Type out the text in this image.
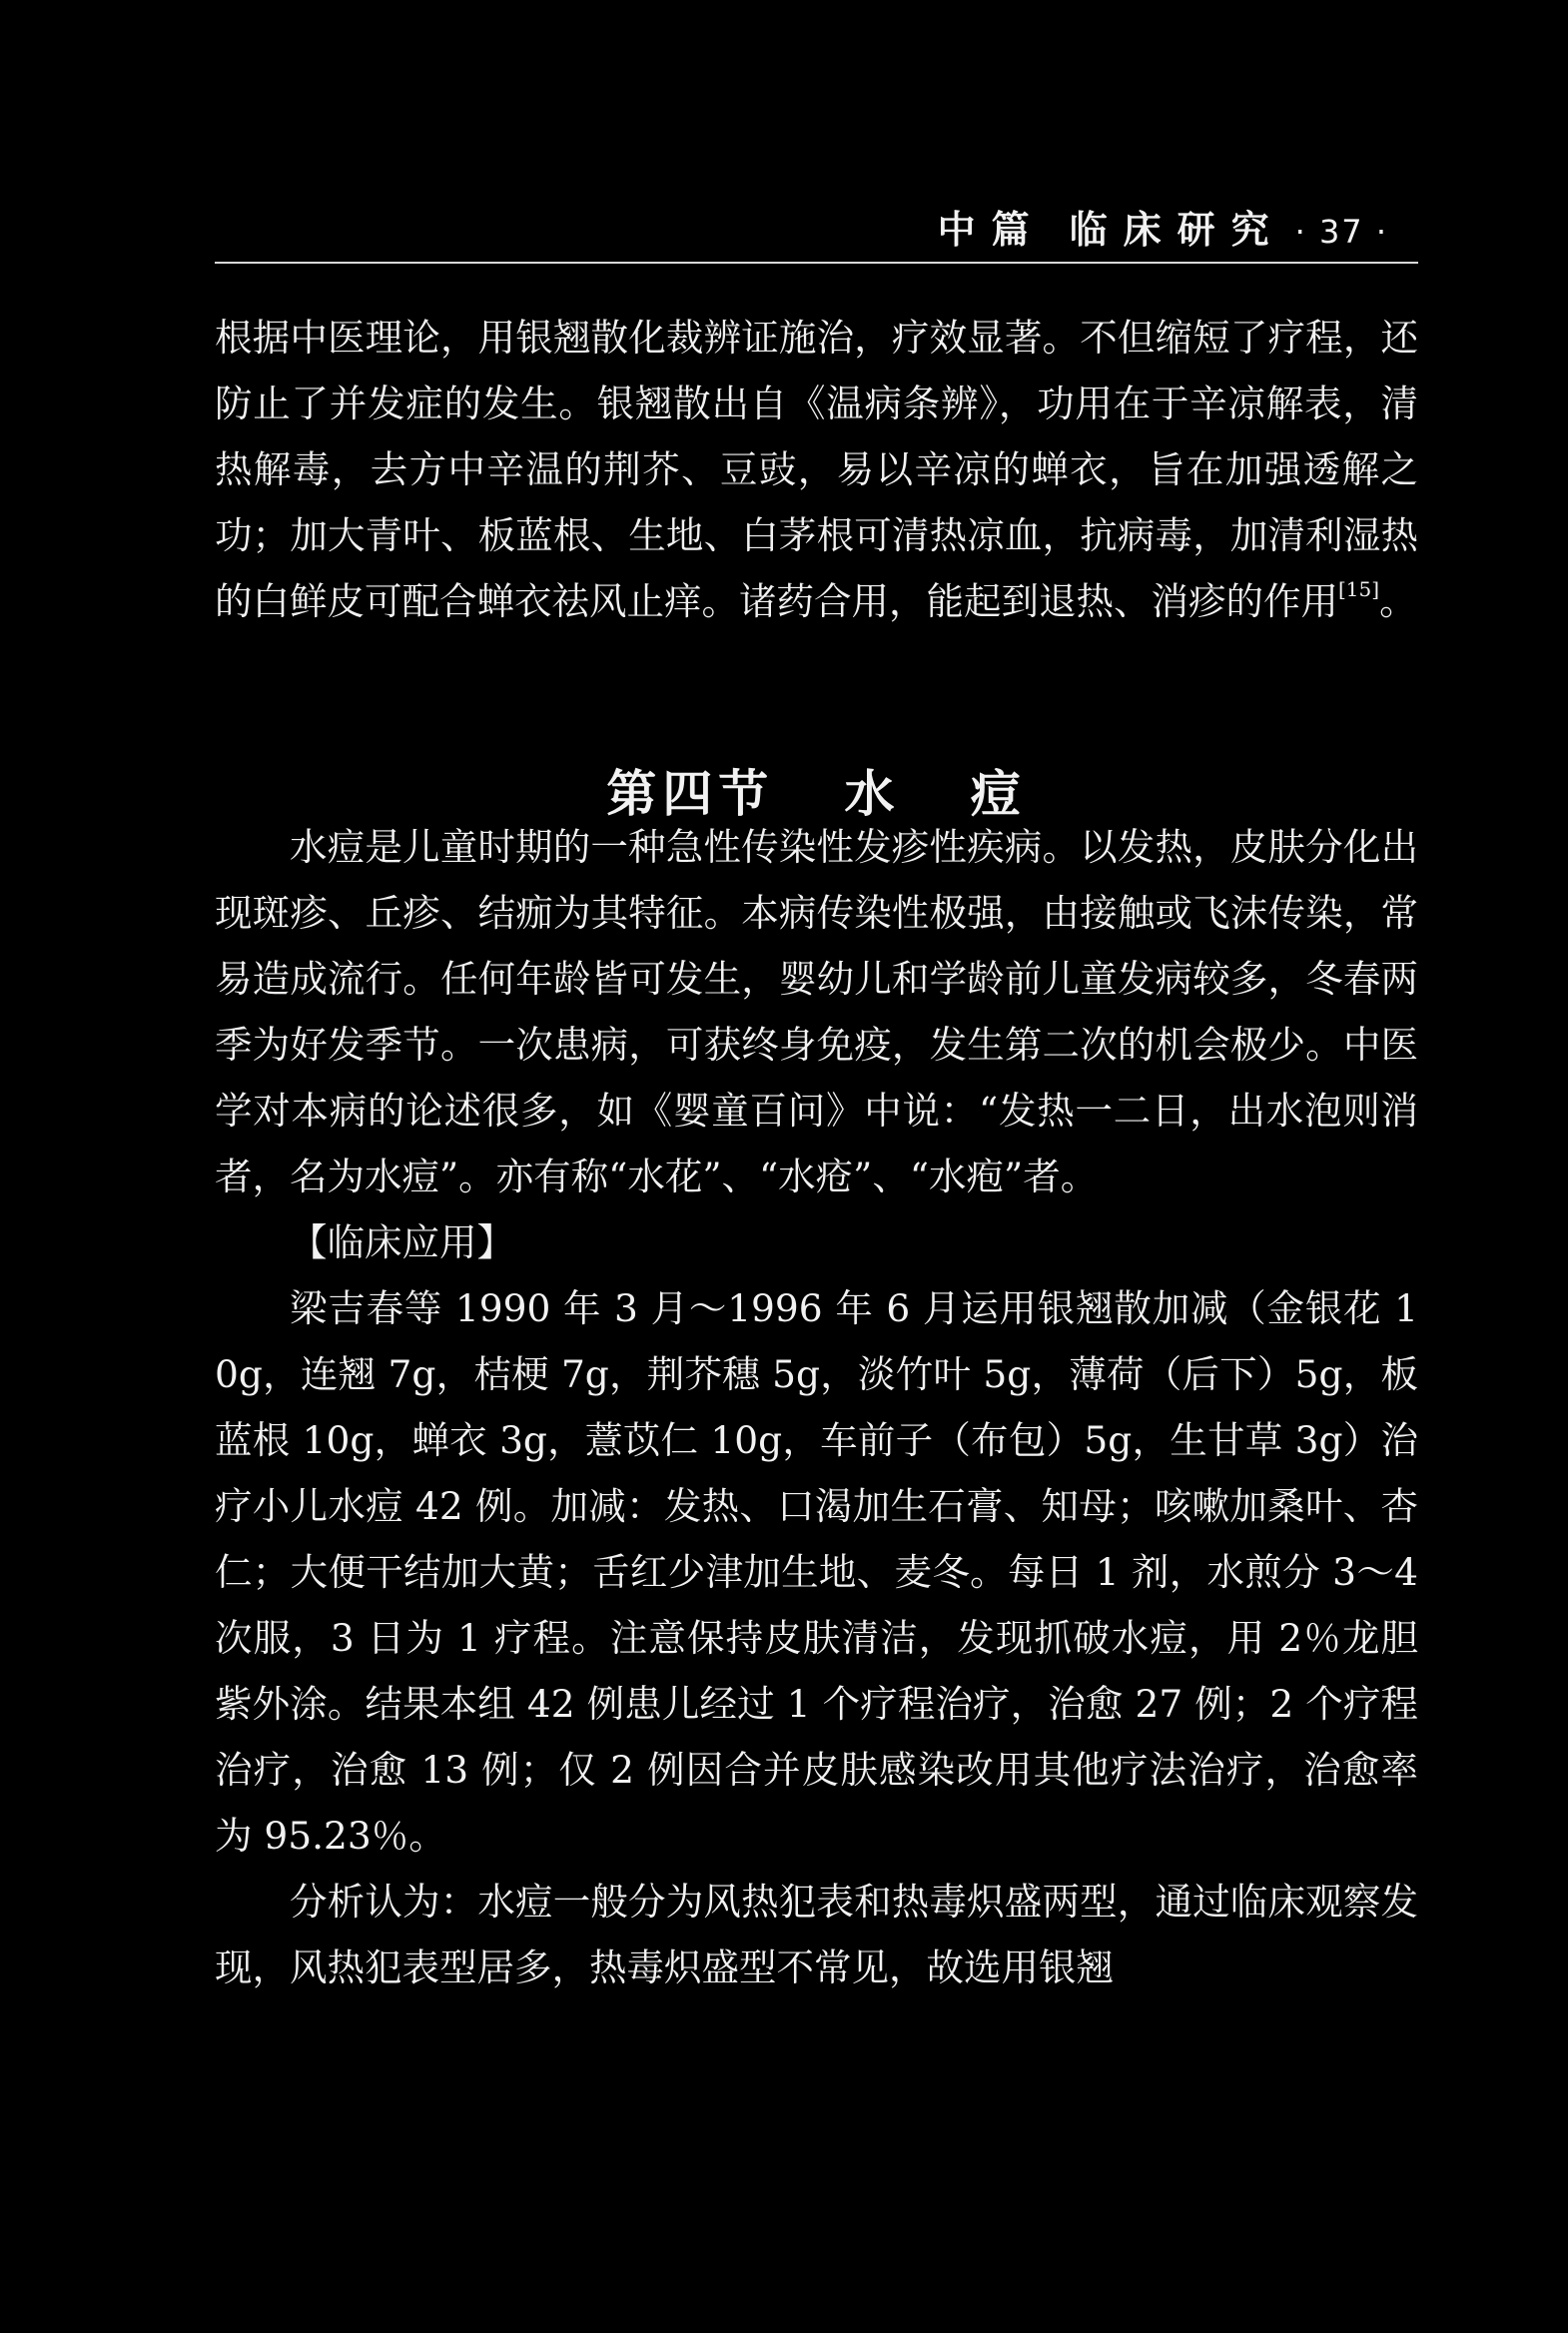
中篇 临床研究 · 37 ·

根据中医理论，用银翘散化裁辨证施治，疗效显著。不但缩短了疗程，还防止了并发症的发生。银翘散出自《温病条辨》，功用在于辛凉解表，清热解毒，去方中辛温的荆芥、豆豉，易以辛凉的蝉衣，旨在加强透解之功；加大青叶、板蓝根、生地、白茅根可清热凉血，抗病毒，加清利湿热的白鲜皮可配合蝉衣祛风止痒。诸药合用，能起到退热、消疹的作用[15]。

第四节   水   痘

水痘是儿童时期的一种急性传染性发疹性疾病。以发热，皮肤分化出现斑疹、丘疹、结痂为其特征。本病传染性极强，由接触或飞沫传染，常易造成流行。任何年龄皆可发生，婴幼儿和学龄前儿童发病较多，冬春两季为好发季节。一次患病，可获终身免疫，发生第二次的机会极少。中医学对本病的论述很多，如《婴童百问》中说：“发热一二日，出水泡则消者，名为水痘”。亦有称“水花”、“水疮”、“水疱”者。

【临床应用】

梁吉春等 1990 年 3 月～1996 年 6 月运用银翘散加减（金银花 10g，连翘 7g，桔梗 7g，荆芥穗 5g，淡竹叶 5g，薄荷（后下）5g，板蓝根 10g，蝉衣 3g，薏苡仁 10g，车前子（布包）5g，生甘草 3g）治疗小儿水痘 42 例。加减：发热、口渴加生石膏、知母；咳嗽加桑叶、杏仁；大便干结加大黄；舌红少津加生地、麦冬。每日 1 剂，水煎分 3～4 次服，3 日为 1 疗程。注意保持皮肤清洁，发现抓破水痘，用 2％龙胆紫外涂。结果本组 42 例患儿经过 1 个疗程治疗，治愈 27 例；2 个疗程治疗，治愈 13 例；仅 2 例因合并皮肤感染改用其他疗法治疗，治愈率为 95.23％。

分析认为：水痘一般分为风热犯表和热毒炽盛两型，通过临床观察发现，风热犯表型居多，热毒炽盛型不常见，故选用银翘
